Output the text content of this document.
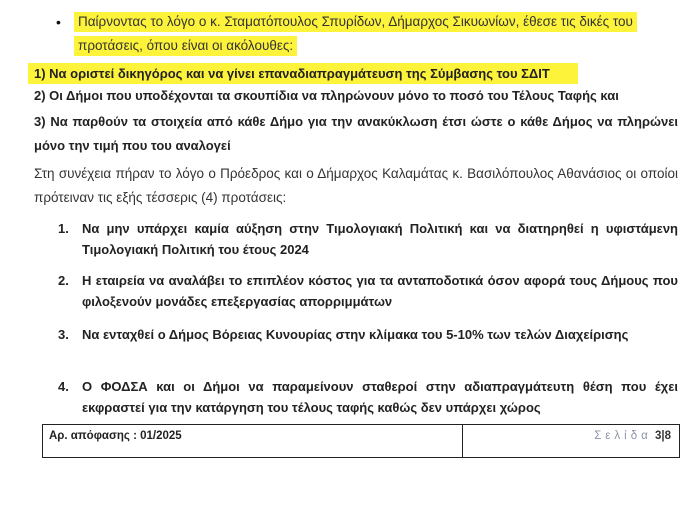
•	Παίρνοντας το λόγο ο κ. Σταματόπουλος Σπυρίδων, Δήμαρχος Σικυωνίων, έθεσε τις δικές του
προτάσεις, όπου είναι οι ακόλουθες:
1) Να οριστεί δικηγόρος και να γίνει επαναδιαπραγμάτευση της Σύμβασης του ΣΔΙΤ
2) Οι Δήμοι που υποδέχονται τα σκουπίδια να πληρώνουν μόνο το ποσό του Τέλους Ταφής και
3) Να παρθούν τα στοιχεία από κάθε Δήμο για την ανακύκλωση έτσι ώστε ο κάθε Δήμος να πληρώνει μόνο την τιμή που του αναλογεί
Στη συνέχεια πήραν το λόγο ο Πρόεδρος και ο Δήμαρχος Καλαμάτας κ. Βασιλόπουλος Αθανάσιος οι οποίοι πρότειναν τις εξής τέσσερις (4) προτάσεις:
1.	Να μην υπάρχει καμία αύξηση στην Τιμολογιακή Πολιτική και να διατηρηθεί η υφιστάμενη Τιμολογιακή Πολιτική του έτους 2024
2.	Η εταιρεία να αναλάβει το επιπλέον κόστος για τα ανταποδοτικά όσον αφορά τους Δήμους που φιλοξενούν μονάδες επεξεργασίας απορριμμάτων
3.	Να ενταχθεί ο Δήμος Βόρειας Κυνουρίας στην κλίμακα του 5-10% των τελών Διαχείρισης
4.	Ο ΦΟΔΣΑ και οι Δήμοι να παραμείνουν σταθεροί στην αδιαπραγμάτευτη θέση που έχει εκφραστεί για την κατάργηση του τέλους ταφής καθώς δεν υπάρχει χώρος
Αρ. απόφασης : 01/2025	Σελίδα 3|8
